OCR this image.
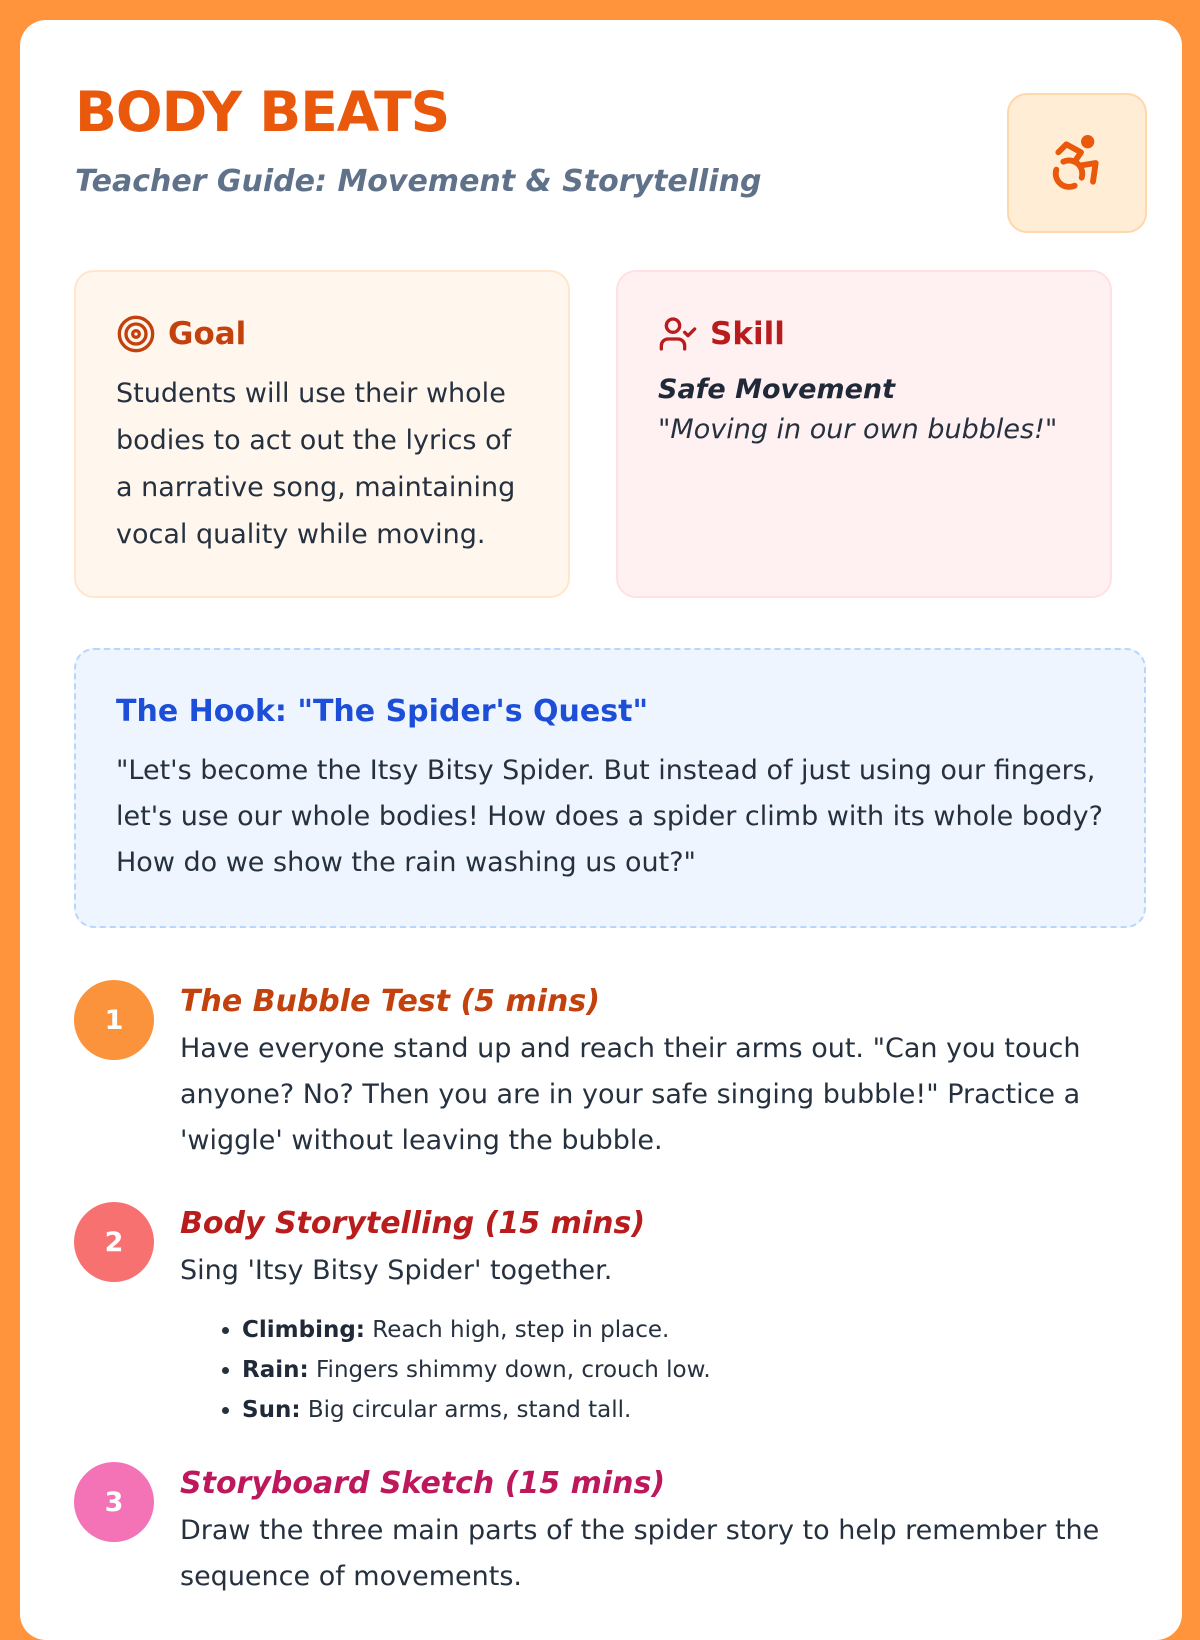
BODY BEATS
Teacher Guide: Movement & Storytelling
Goal
Students will use their whole bodies to act out the lyrics of a narrative song, maintaining vocal quality while moving.
Skill
Safe Movement
"Moving in our own bubbles!"
The Hook: "The Spider's Quest"
"Let's become the Itsy Bitsy Spider. But instead of just using our fingers, let's use our whole bodies! How does a spider climb with its whole body? How do we show the rain washing us out?"
1
The Bubble Test (5 mins)
Have everyone stand up and reach their arms out. "Can you touch anyone? No? Then you are in your safe singing bubble!" Practice a 'wiggle' without leaving the bubble.
2
Body Storytelling (15 mins)
Sing 'Itsy Bitsy Spider' together.
• Climbing: Reach high, step in place.
• Rain: Fingers shimmy down, crouch low.
• Sun: Big circular arms, stand tall.
3
Storyboard Sketch (15 mins)
Draw the three main parts of the spider story to help remember the sequence of movements.
